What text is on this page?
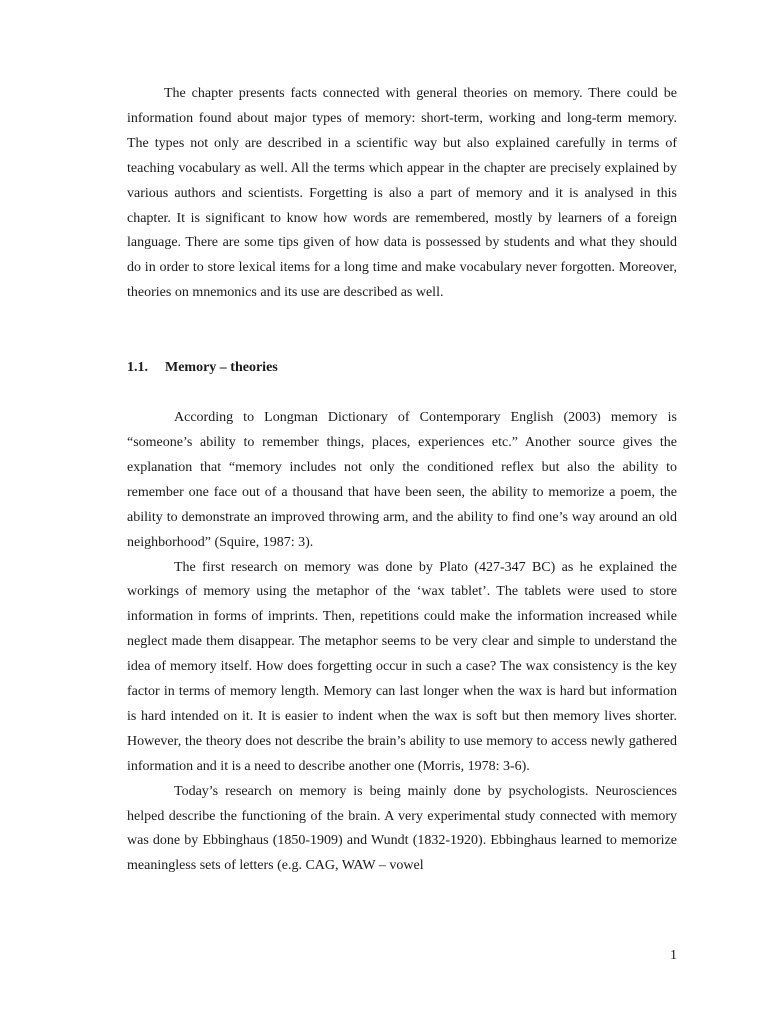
The chapter presents facts connected with general theories on memory. There could be information found about major types of memory: short-term, working and long-term memory. The types not only are described in a scientific way but also explained carefully in terms of teaching vocabulary as well. All the terms which appear in the chapter are precisely explained by various authors and scientists. Forgetting is also a part of memory and it is analysed in this chapter. It is significant to know how words are remembered, mostly by learners of a foreign language. There are some tips given of how data is possessed by students and what they should do in order to store lexical items for a long time and make vocabulary never forgotten. Moreover, theories on mnemonics and its use are described as well.

1.1.	Memory – theories

According to Longman Dictionary of Contemporary English (2003) memory is “someone’s ability to remember things, places, experiences etc.” Another source gives the explanation that “memory includes not only the conditioned reflex but also the ability to remember one face out of a thousand that have been seen, the ability to memorize a poem, the ability to demonstrate an improved throwing arm, and the ability to find one’s way around an old neighborhood” (Squire, 1987: 3).

The first research on memory was done by Plato (427-347 BC) as he explained the workings of memory using the metaphor of the ‘wax tablet’. The tablets were used to store information in forms of imprints. Then, repetitions could make the information increased while neglect made them disappear. The metaphor seems to be very clear and simple to understand the idea of memory itself. How does forgetting occur in such a case? The wax consistency is the key factor in terms of memory length. Memory can last longer when the wax is hard but information is hard intended on it. It is easier to indent when the wax is soft but then memory lives shorter. However, the theory does not describe the brain’s ability to use memory to access newly gathered information and it is a need to describe another one (Morris, 1978: 3-6).

Today’s research on memory is being mainly done by psychologists. Neurosciences helped describe the functioning of the brain. A very experimental study connected with memory was done by Ebbinghaus (1850-1909) and Wundt (1832-1920). Ebbinghaus learned to memorize meaningless sets of letters (e.g. CAG, WAW – vowel

1
